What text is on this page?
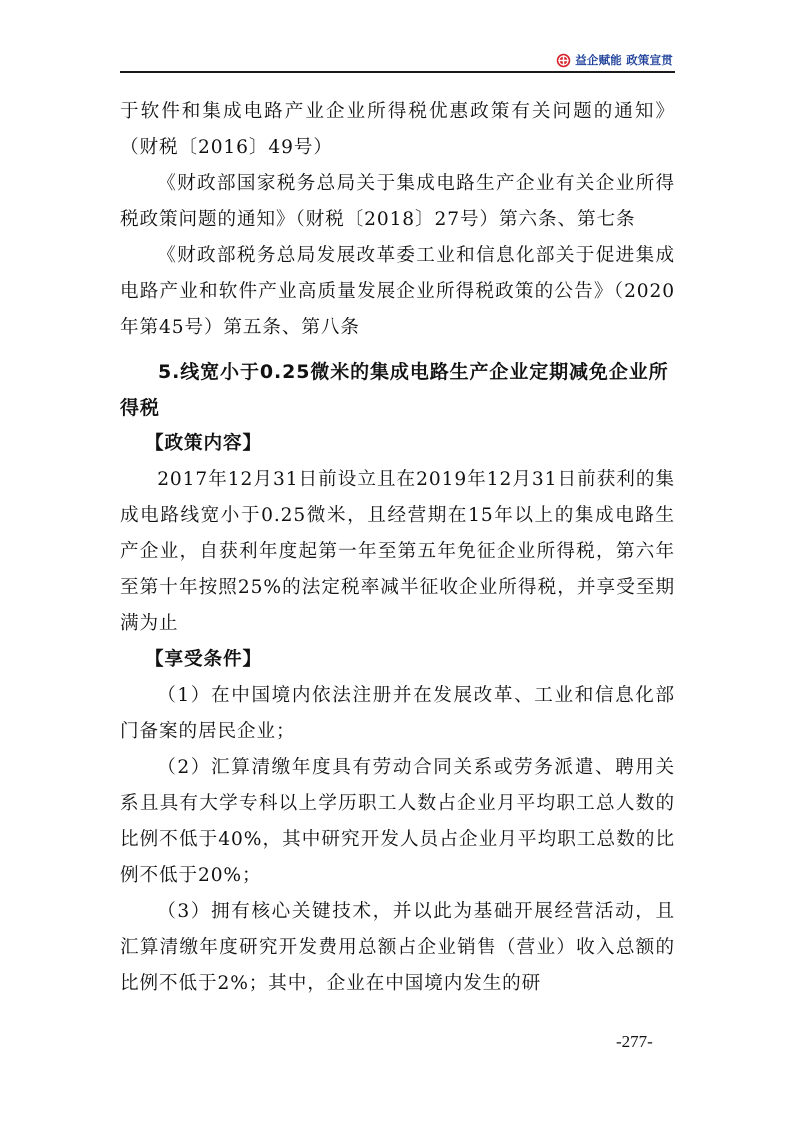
益企赋能 政策宣贯

于软件和集成电路产业企业所得税优惠政策有关问题的通知》（财税〔2016〕49号）

《财政部国家税务总局关于集成电路生产企业有关企业所得税政策问题的通知》（财税〔2018〕27号）第六条、第七条

《财政部税务总局发展改革委工业和信息化部关于促进集成电路产业和软件产业高质量发展企业所得税政策的公告》（2020年第45号）第五条、第八条

5.线宽小于0.25微米的集成电路生产企业定期减免企业所得税

【政策内容】

2017年12月31日前设立且在2019年12月31日前获利的集成电路线宽小于0.25微米，且经营期在15年以上的集成电路生产企业，自获利年度起第一年至第五年免征企业所得税，第六年至第十年按照25%的法定税率减半征收企业所得税，并享受至期满为止

【享受条件】

（1）在中国境内依法注册并在发展改革、工业和信息化部门备案的居民企业；

（2）汇算清缴年度具有劳动合同关系或劳务派遣、聘用关系且具有大学专科以上学历职工人数占企业月平均职工总人数的比例不低于40%，其中研究开发人员占企业月平均职工总数的比例不低于20%；

（3）拥有核心关键技术，并以此为基础开展经营活动，且汇算清缴年度研究开发费用总额占企业销售（营业）收入总额的比例不低于2%；其中，企业在中国境内发生的研

-277-
